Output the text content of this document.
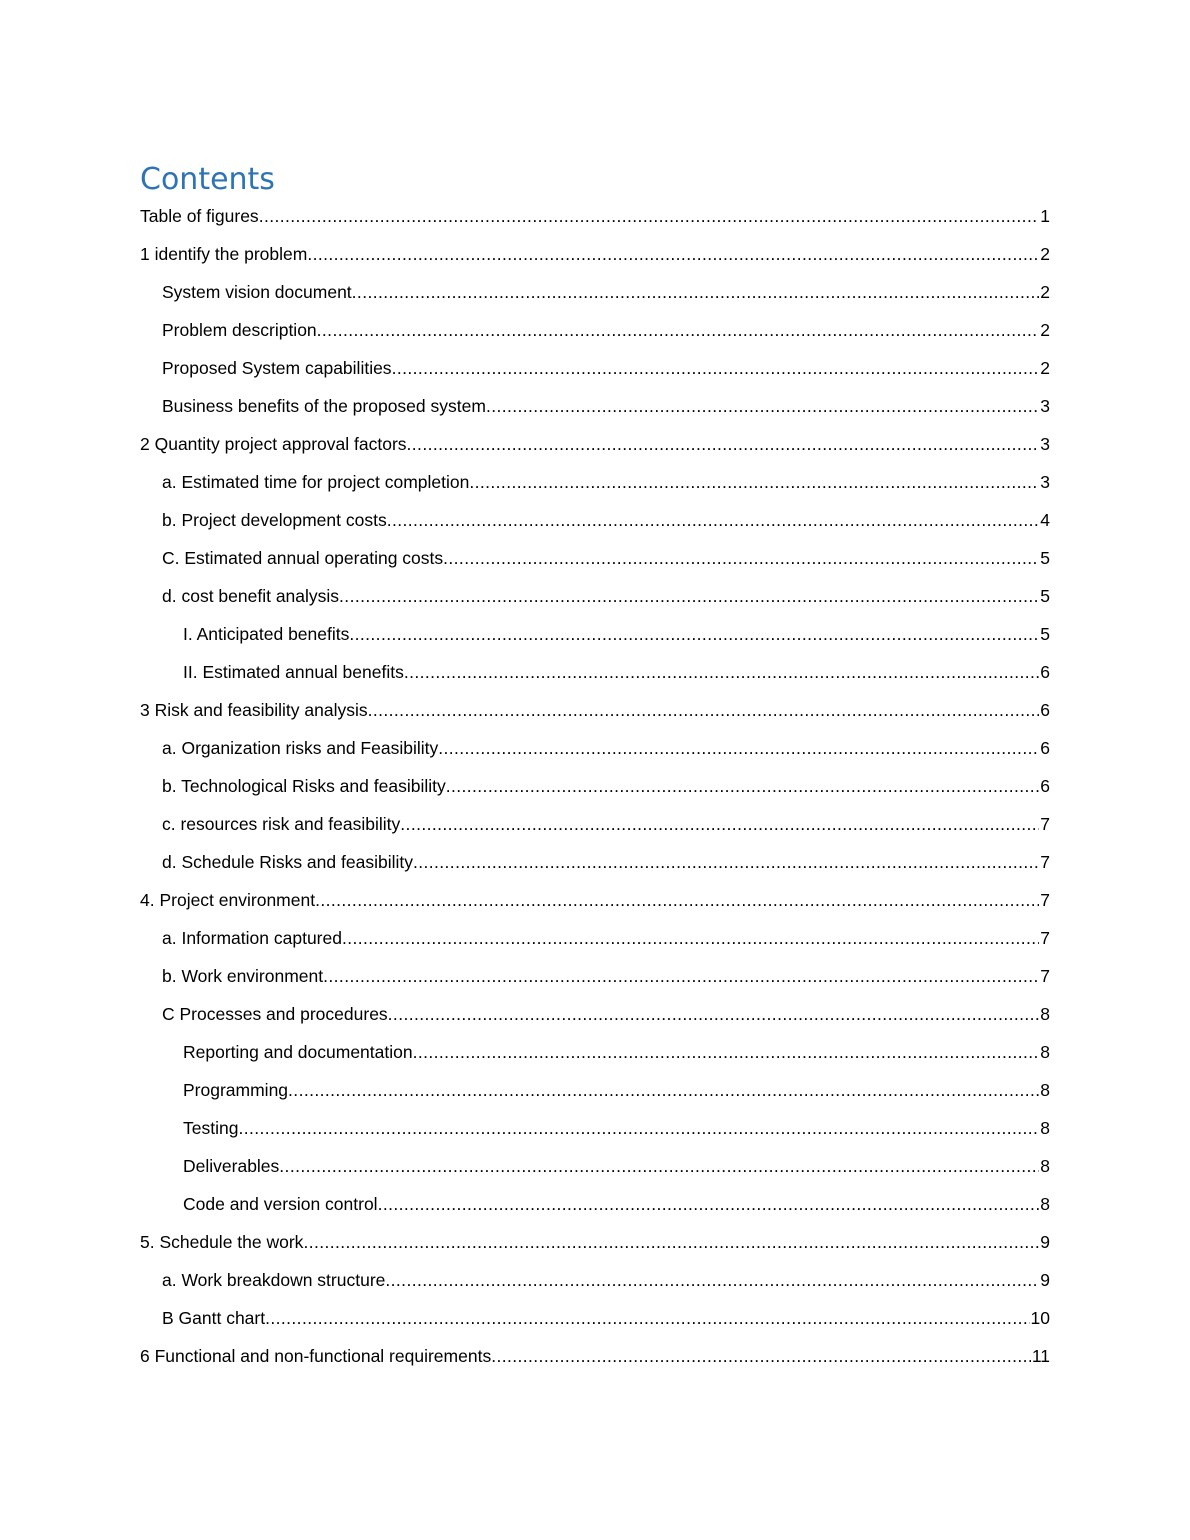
Contents
Table of figures .....	1
1 identify the problem .....	2
System vision document .....	2
Problem description .....	2
Proposed System capabilities .....	2
Business benefits of the proposed system .....	3
2 Quantity project approval factors .....	3
a. Estimated time for project completion .....	3
b. Project development costs .....	4
C. Estimated annual operating costs .....	5
d. cost benefit analysis .....	5
I. Anticipated benefits .....	5
II. Estimated annual benefits .....	6
3 Risk and feasibility analysis .....	6
a. Organization risks and Feasibility .....	6
b. Technological Risks and feasibility .....	6
c. resources risk and feasibility .....	7
d. Schedule Risks and feasibility .....	7
4. Project environment .....	7
a. Information captured .....	7
b. Work environment .....	7
C Processes and procedures .....	8
Reporting and documentation .....	8
Programming .....	8
Testing .....	8
Deliverables .....	8
Code and version control .....	8
5. Schedule the work .....	9
a. Work breakdown structure .....	9
B Gantt chart .....	10
6 Functional and non-functional requirements .....	11
